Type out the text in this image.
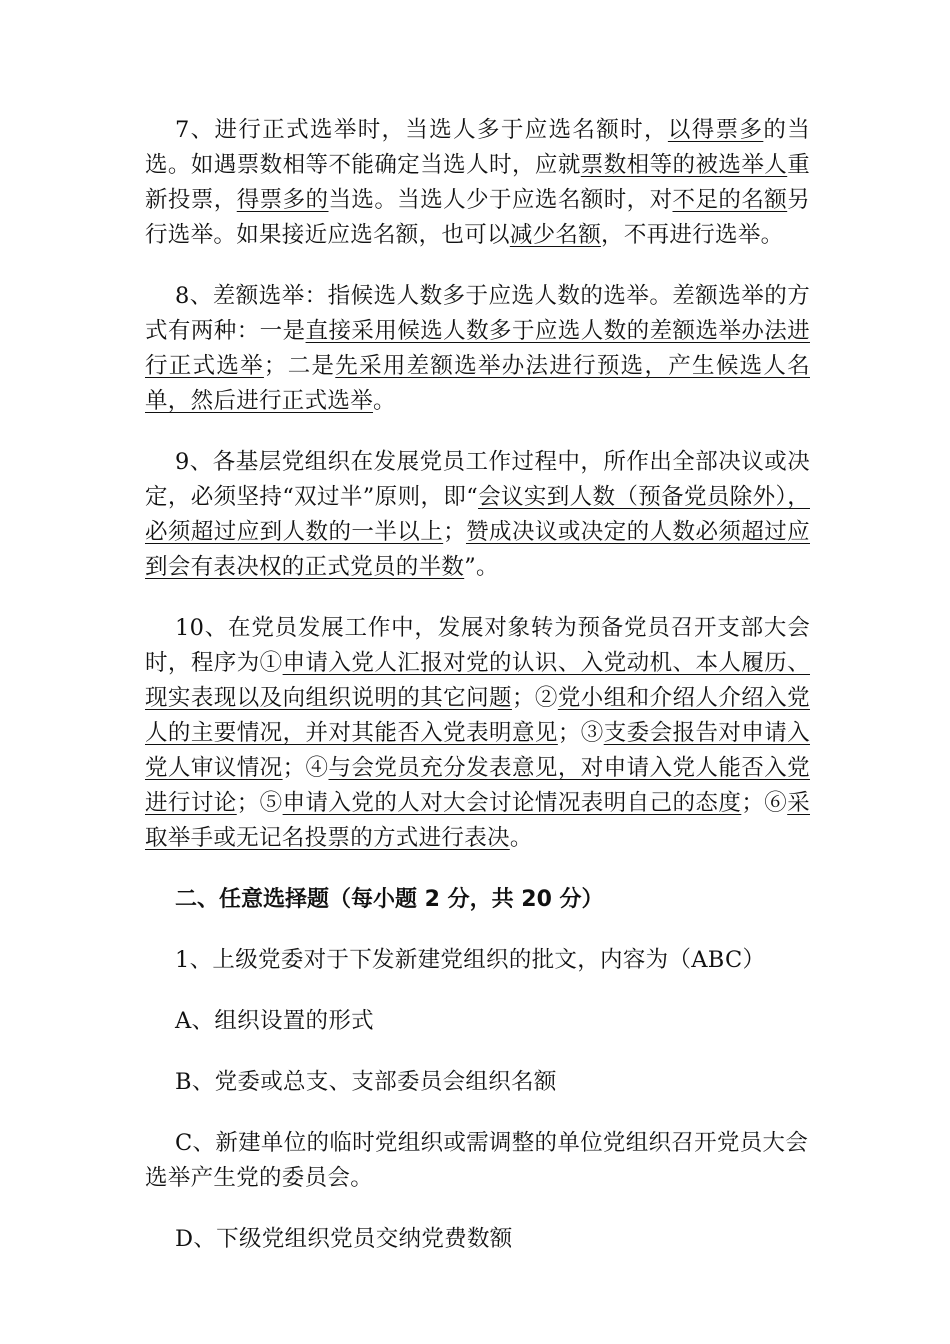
7、进行正式选举时，当选人多于应选名额时，以得票多的当选。如遇票数相等不能确定当选人时，应就票数相等的被选举人重新投票，得票多的当选。当选人少于应选名额时，对不足的名额另行选举。如果接近应选名额，也可以减少名额，不再进行选举。

8、差额选举：指候选人数多于应选人数的选举。差额选举的方式有两种：一是直接采用候选人数多于应选人数的差额选举办法进行正式选举；二是先采用差额选举办法进行预选，产生候选人名单，然后进行正式选举。

9、各基层党组织在发展党员工作过程中，所作出全部决议或决定，必须坚持“双过半”原则，即“会议实到人数（预备党员除外），必须超过应到人数的一半以上；赞成决议或决定的人数必须超过应到会有表决权的正式党员的半数”。

10、在党员发展工作中，发展对象转为预备党员召开支部大会时，程序为①申请入党人汇报对党的认识、入党动机、本人履历、现实表现以及向组织说明的其它问题；②党小组和介绍人介绍入党人的主要情况，并对其能否入党表明意见；③支委会报告对申请入党人审议情况；④与会党员充分发表意见，对申请入党人能否入党进行讨论；⑤申请入党的人对大会讨论情况表明自己的态度；⑥采取举手或无记名投票的方式进行表决。

二、任意选择题（每小题 2 分，共 20 分）

1、上级党委对于下发新建党组织的批文，内容为（ABC）

A、组织设置的形式

B、党委或总支、支部委员会组织名额

C、新建单位的临时党组织或需调整的单位党组织召开党员大会选举产生党的委员会。

D、下级党组织党员交纳党费数额
